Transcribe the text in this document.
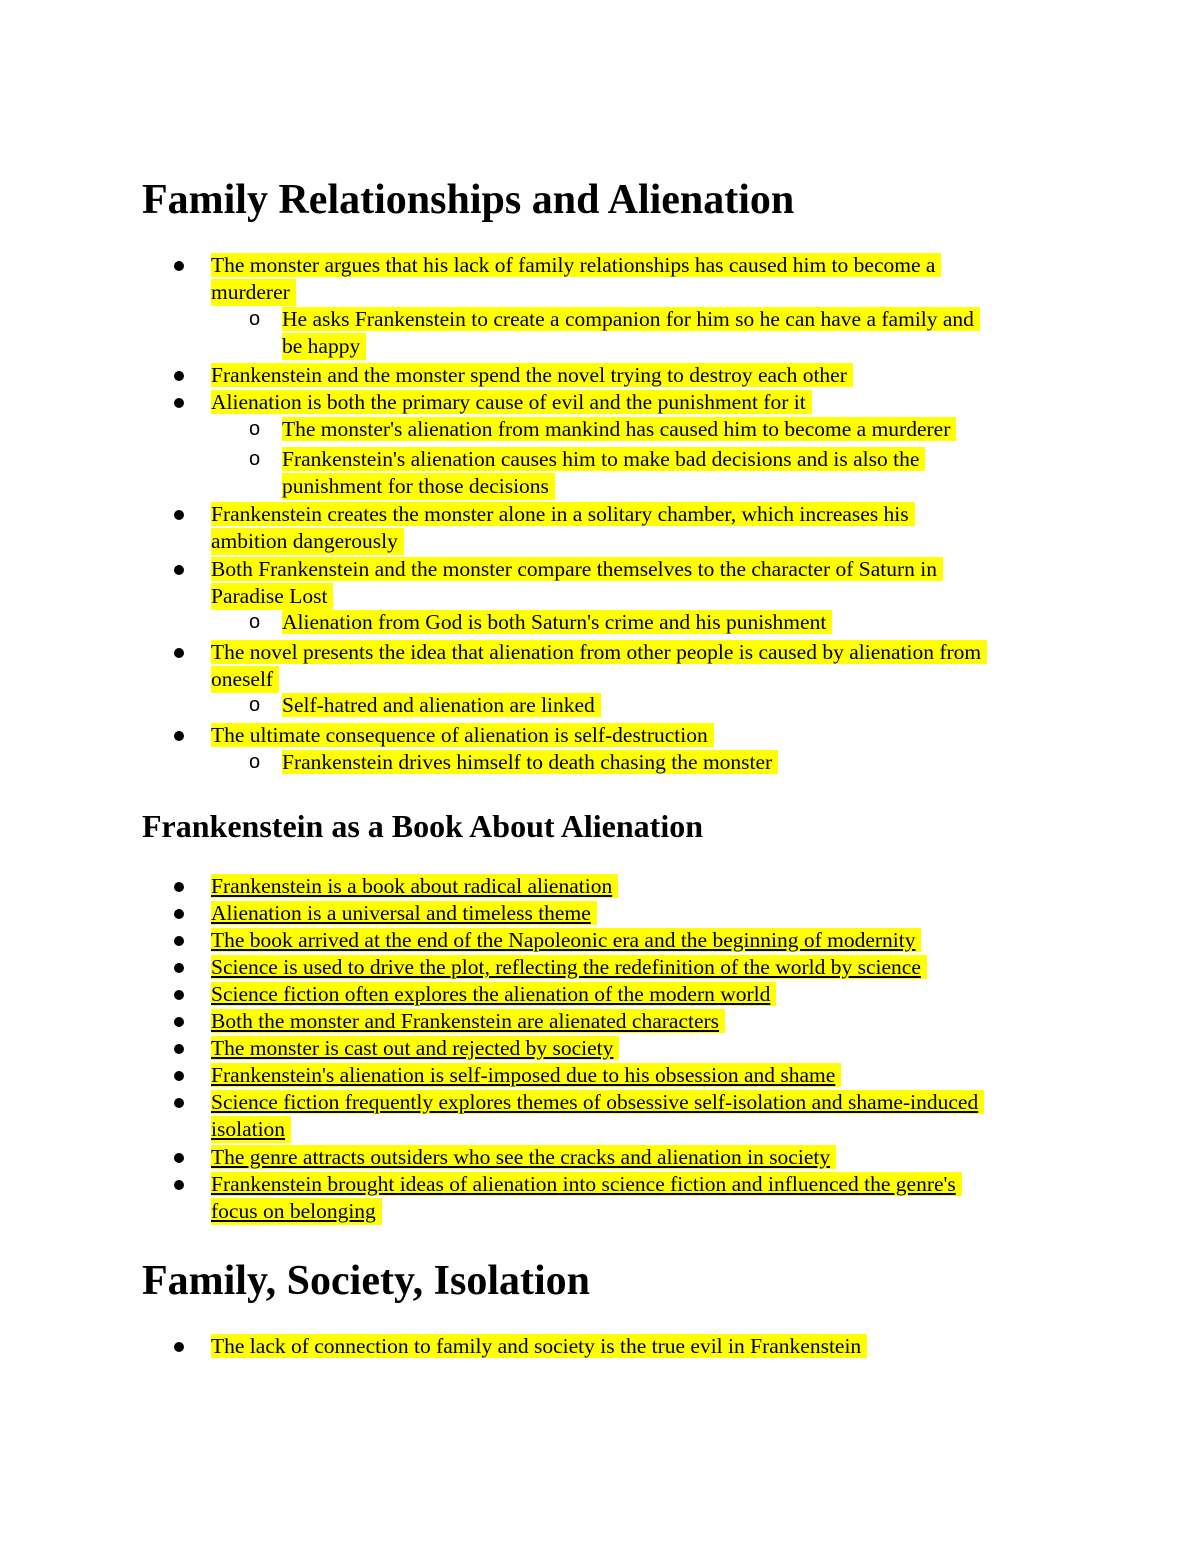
Family Relationships and Alienation
The monster argues that his lack of family relationships has caused him to become a
murderer
o He asks Frankenstein to create a companion for him so he can have a family and
be happy
Frankenstein and the monster spend the novel trying to destroy each other
Alienation is both the primary cause of evil and the punishment for it
o The monster's alienation from mankind has caused him to become a murderer
o Frankenstein's alienation causes him to make bad decisions and is also the
punishment for those decisions
Frankenstein creates the monster alone in a solitary chamber, which increases his
ambition dangerously
Both Frankenstein and the monster compare themselves to the character of Saturn in
Paradise Lost
o Alienation from God is both Saturn's crime and his punishment
The novel presents the idea that alienation from other people is caused by alienation from
oneself
o Self-hatred and alienation are linked
The ultimate consequence of alienation is self-destruction
o Frankenstein drives himself to death chasing the monster
Frankenstein as a Book About Alienation
Frankenstein is a book about radical alienation
Alienation is a universal and timeless theme
The book arrived at the end of the Napoleonic era and the beginning of modernity
Science is used to drive the plot, reflecting the redefinition of the world by science
Science fiction often explores the alienation of the modern world
Both the monster and Frankenstein are alienated characters
The monster is cast out and rejected by society
Frankenstein's alienation is self-imposed due to his obsession and shame
Science fiction frequently explores themes of obsessive self-isolation and shame-induced
isolation
The genre attracts outsiders who see the cracks and alienation in society
Frankenstein brought ideas of alienation into science fiction and influenced the genre's
focus on belonging
Family, Society, Isolation
The lack of connection to family and society is the true evil in Frankenstein
